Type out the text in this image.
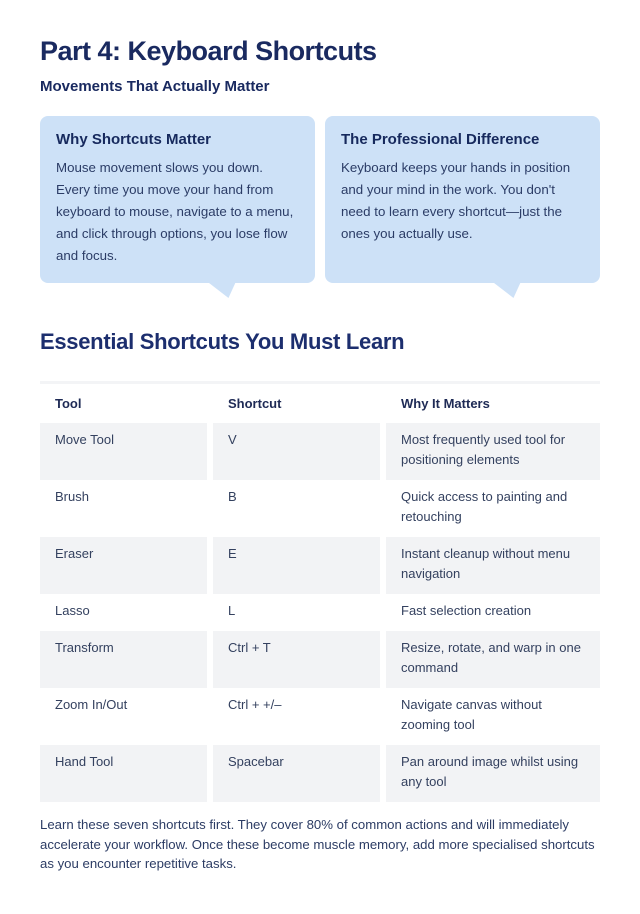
Part 4: Keyboard Shortcuts
Movements That Actually Matter
Why Shortcuts Matter
Mouse movement slows you down. Every time you move your hand from keyboard to mouse, navigate to a menu, and click through options, you lose flow and focus.
The Professional Difference
Keyboard keeps your hands in position and your mind in the work. You don't need to learn every shortcut—just the ones you actually use.
Essential Shortcuts You Must Learn
Tool	Shortcut	Why It Matters
Move Tool	V	Most frequently used tool for positioning elements
Brush	B	Quick access to painting and retouching
Eraser	E	Instant cleanup without menu navigation
Lasso	L	Fast selection creation
Transform	Ctrl + T	Resize, rotate, and warp in one command
Zoom In/Out	Ctrl + +/–	Navigate canvas without zooming tool
Hand Tool	Spacebar	Pan around image whilst using any tool

Learn these seven shortcuts first. They cover 80% of common actions and will immediately accelerate your workflow. Once these become muscle memory, add more specialised shortcuts as you encounter repetitive tasks.
